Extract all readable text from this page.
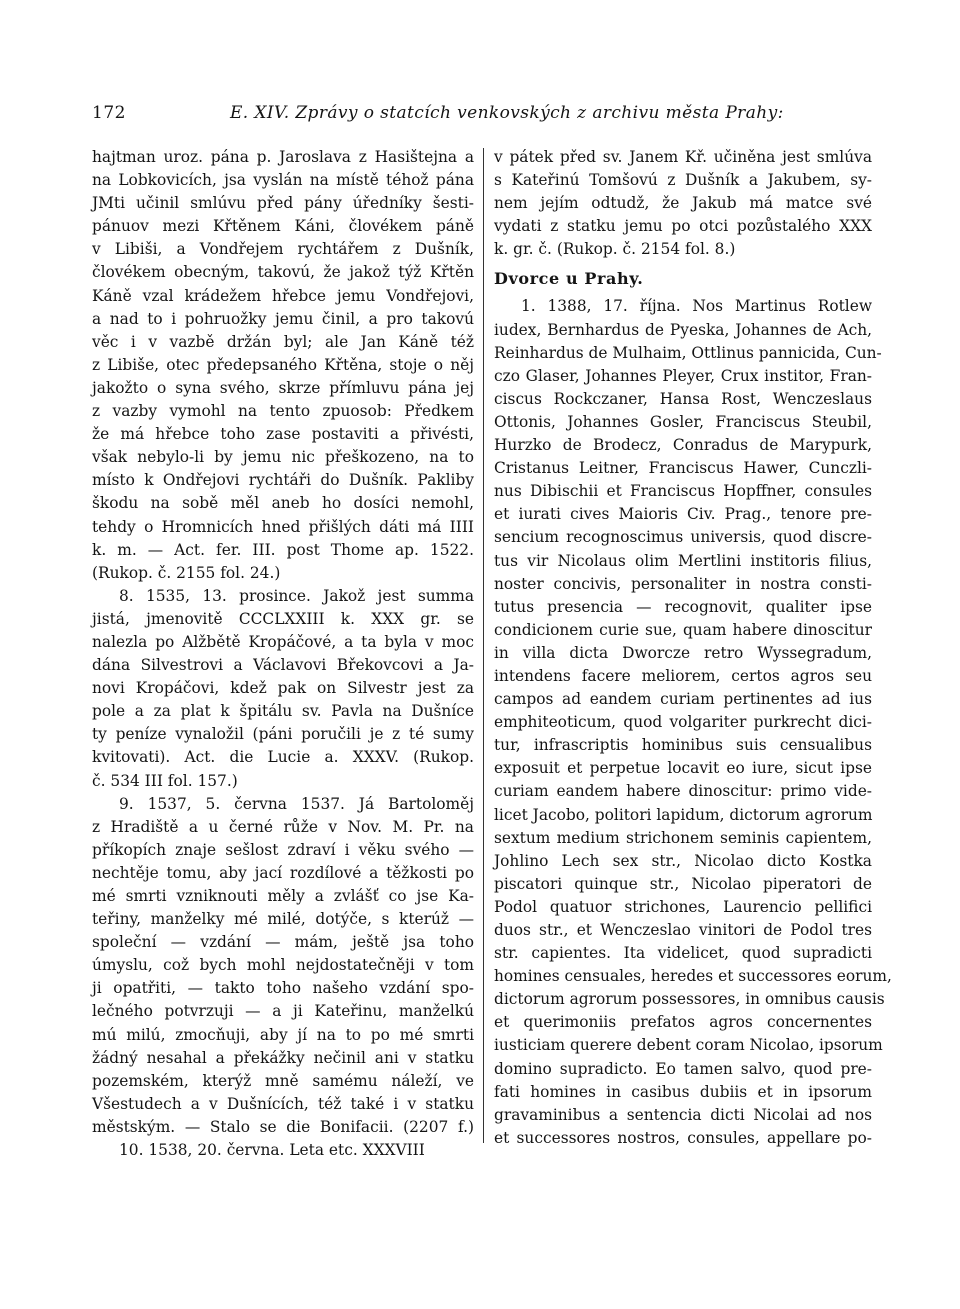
172	E. XIV. Zprávy o statcích venkovských z archivu města Prahy:

hajtman uroz. pána p. Jaroslava z Hasištejna a

na Lobkovicích, jsa vyslán na místě téhož pána

JMti učinil smlúvu před pány úředníky šesti-

pánuov mezi Křtěnem Káni, človékem páně

v Libiši, a Vondřejem rychtářem z Dušník,

človékem obecným, takovú, že jakož týž Křtěn

Káně vzal krádežem hřebce jemu Vondřejovi,

a nad to i pohruožky jemu činil, a pro takovú

věc i v vazbě držán byl; ale Jan Káně též

z Libiše, otec předepsaného Křtěna, stoje o něj

jakožto o syna svého, skrze přímluvu pána jej

z vazby vymohl na tento zpuosob: Předkem

že má hřebce toho zase postaviti a přivésti,

však nebylo-li by jemu nic přeškozeno, na to

místo k Ondřejovi rychtáři do Dušník. Pakliby

škodu na sobě měl aneb ho dosíci nemohl,

tehdy o Hromnicích hned přišlých dáti má IIII

k. m. — Act. fer. III. post Thome ap. 1522.

(Rukop. č. 2155 fol. 24.)

8. 1535, 13. prosince. Jakož jest summa

jistá, jmenovitě CCCLXXIII k. XXX gr. se

nalezla po Alžbětě Kropáčové, a ta byla v moc

dána Silvestrovi a Václavovi Břekovcovi a Ja-

novi Kropáčovi, kdež pak on Silvestr jest za

pole a za plat k špitálu sv. Pavla na Dušníce

ty peníze vynaložil (páni poručili je z té sumy

kvitovati). Act. die Lucie a. XXXV. (Rukop.

č. 534 III fol. 157.)

9. 1537, 5. června 1537. Já Bartoloměj

z Hradiště a u černé růže v Nov. M. Pr. na

příkopích znaje sešlost zdraví i věku svého —

nechtěje tomu, aby jací rozdílové a těžkosti po

mé smrti vzniknouti měly a zvlášť co jse Ka-

teřiny, manželky mé milé, dotýče, s kterúž —

společní — vzdání — mám, ještě jsa toho

úmyslu, což bych mohl nejdostatečněji v tom

ji opatřiti, — takto toho našeho vzdání spo-

lečného potvrzuji — a ji Kateřinu, manželkú

mú milú, zmocňuji, aby jí na to po mé smrti

žádný nesahal a překážky nečinil ani v statku

pozemském, kterýž mně samému náleží, ve

Všestudech a v Dušnících, též také i v statku

městským. — Stalo se die Bonifacii. (2207 f.)

10. 1538, 20. června. Leta etc. XXXVIII

v pátek před sv. Janem Kř. učiněna jest smlúva

s Kateřinú Tomšovú z Dušník a Jakubem, sy-

nem jejím odtudž, že Jakub má matce své

vydati z statku jemu po otci pozůstalého XXX

k. gr. č. (Rukop. č. 2154 fol. 8.)

Dvorce u Prahy.

1. 1388, 17. října. Nos Martinus Rotlew

iudex, Bernhardus de Pyeska, Johannes de Ach,

Reinhardus de Mulhaim, Ottlinus pannicida, Cun-

czo Glaser, Johannes Pleyer, Crux institor, Fran-

ciscus Rockczaner, Hansa Rost, Wenczeslaus

Ottonis, Johannes Gosler, Franciscus Steubil,

Hurzko de Brodecz, Conradus de Marypurk,

Cristanus Leitner, Franciscus Hawer, Cunczli-

nus Dibischii et Franciscus Hopffner, consules

et iurati cives Maioris Civ. Prag., tenore pre-

sencium recognoscimus universis, quod discre-

tus vir Nicolaus olim Mertlini institoris filius,

noster concivis, personaliter in nostra consti-

tutus presencia — recognovit, qualiter ipse

condicionem curie sue, quam habere dinoscitur

in villa dicta Dworcze retro Wyssegradum,

intendens facere meliorem, certos agros seu

campos ad eandem curiam pertinentes ad ius

emphiteoticum, quod volgariter purkrecht dici-

tur, infrascriptis hominibus suis censualibus

exposuit et perpetue locavit eo iure, sicut ipse

curiam eandem habere dinoscitur: primo vide-

licet Jacobo, politori lapidum, dictorum agrorum

sextum medium strichonem seminis capientem,

Johlino Lech sex str., Nicolao dicto Kostka

piscatori quinque str., Nicolao piperatori de

Podol quatuor strichones, Laurencio pellifici

duos str., et Wenczeslao vinitori de Podol tres

str. capientes. Ita videlicet, quod supradicti

homines censuales, heredes et successores eorum,

dictorum agrorum possessores, in omnibus causis

et querimoniis prefatos agros concernentes

iusticiam querere debent coram Nicolao, ipsorum

domino supradicto. Eo tamen salvo, quod pre-

fati homines in casibus dubiis et in ipsorum

gravaminibus a sentencia dicti Nicolai ad nos

et successores nostros, consules, appellare po-
